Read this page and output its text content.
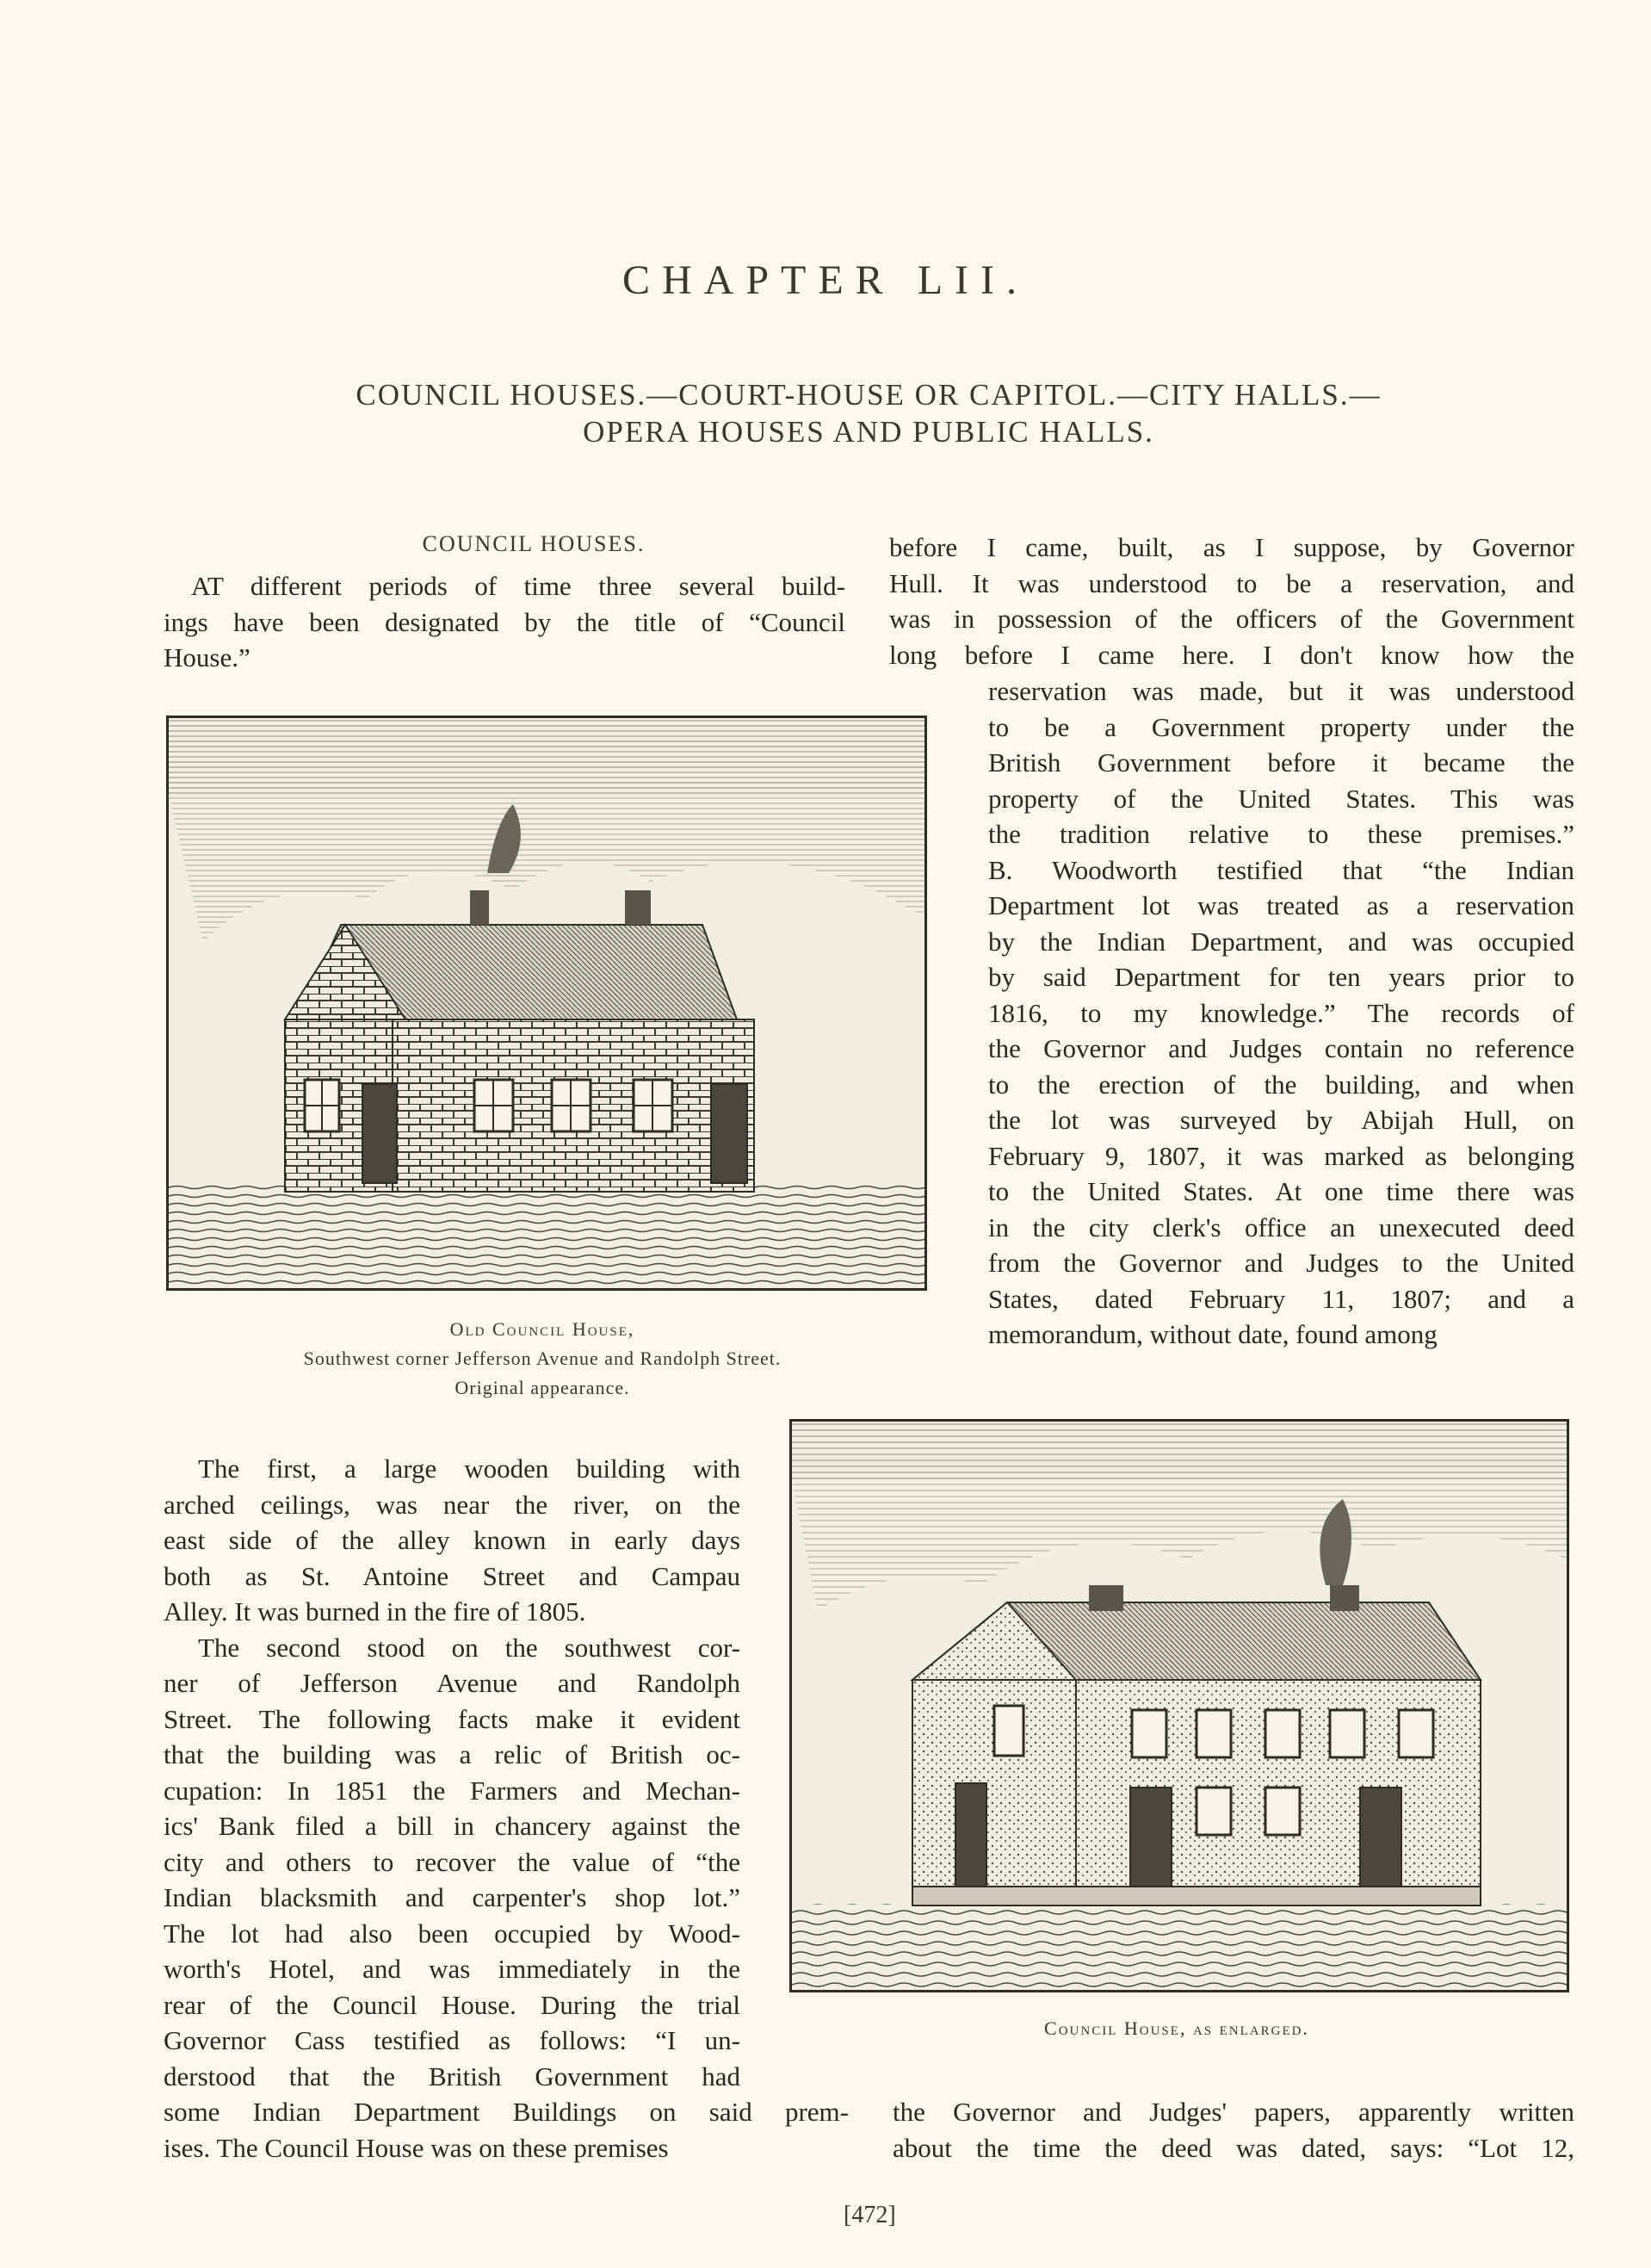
CHAPTER LII.
COUNCIL HOUSES.—COURT-HOUSE OR CAPITOL.—CITY HALLS.—
OPERA HOUSES AND PUBLIC HALLS.
COUNCIL HOUSES.
AT different periods of time three several build-
ings have been designated by the title of “Council
House.”
before I came, built, as I suppose, by Governor
Hull. It was understood to be a reservation, and
was in possession of the officers of the Government
long before I came here. I don't know how the
reservation was made, but it was understood
to be a Government property under the
British Government before it became the
property of the United States. This was
the tradition relative to these premises.”
B. Woodworth testified that “the Indian
Department lot was treated as a reservation
by the Indian Department, and was occupied
by said Department for ten years prior to
1816, to my knowledge.” The records of
the Governor and Judges contain no reference
to the erection of the building, and when
the lot was surveyed by Abijah Hull, on
February 9, 1807, it was marked as belonging
to the United States. At one time there was
in the city clerk's office an unexecuted deed
from the Governor and Judges to the United
States, dated February 11, 1807; and a
memorandum, without date, found among
Old Council House,
Southwest corner Jefferson Avenue and Randolph Street.
Original appearance.
Council House, as enlarged.
The first, a large wooden building with
arched ceilings, was near the river, on the
east side of the alley known in early days
both as St. Antoine Street and Campau
Alley. It was burned in the fire of 1805.
The second stood on the southwest cor-
ner of Jefferson Avenue and Randolph
Street. The following facts make it evident
that the building was a relic of British oc-
cupation: In 1851 the Farmers and Mechan-
ics' Bank filed a bill in chancery against the
city and others to recover the value of “the
Indian blacksmith and carpenter's shop lot.”
The lot had also been occupied by Wood-
worth's Hotel, and was immediately in the
rear of the Council House. During the trial
Governor Cass testified as follows: “I un-
derstood that the British Government had
some Indian Department Buildings on said prem-
ises. The Council House was on these premises
the Governor and Judges' papers, apparently written
about the time the deed was dated, says: “Lot 12,
[472]
